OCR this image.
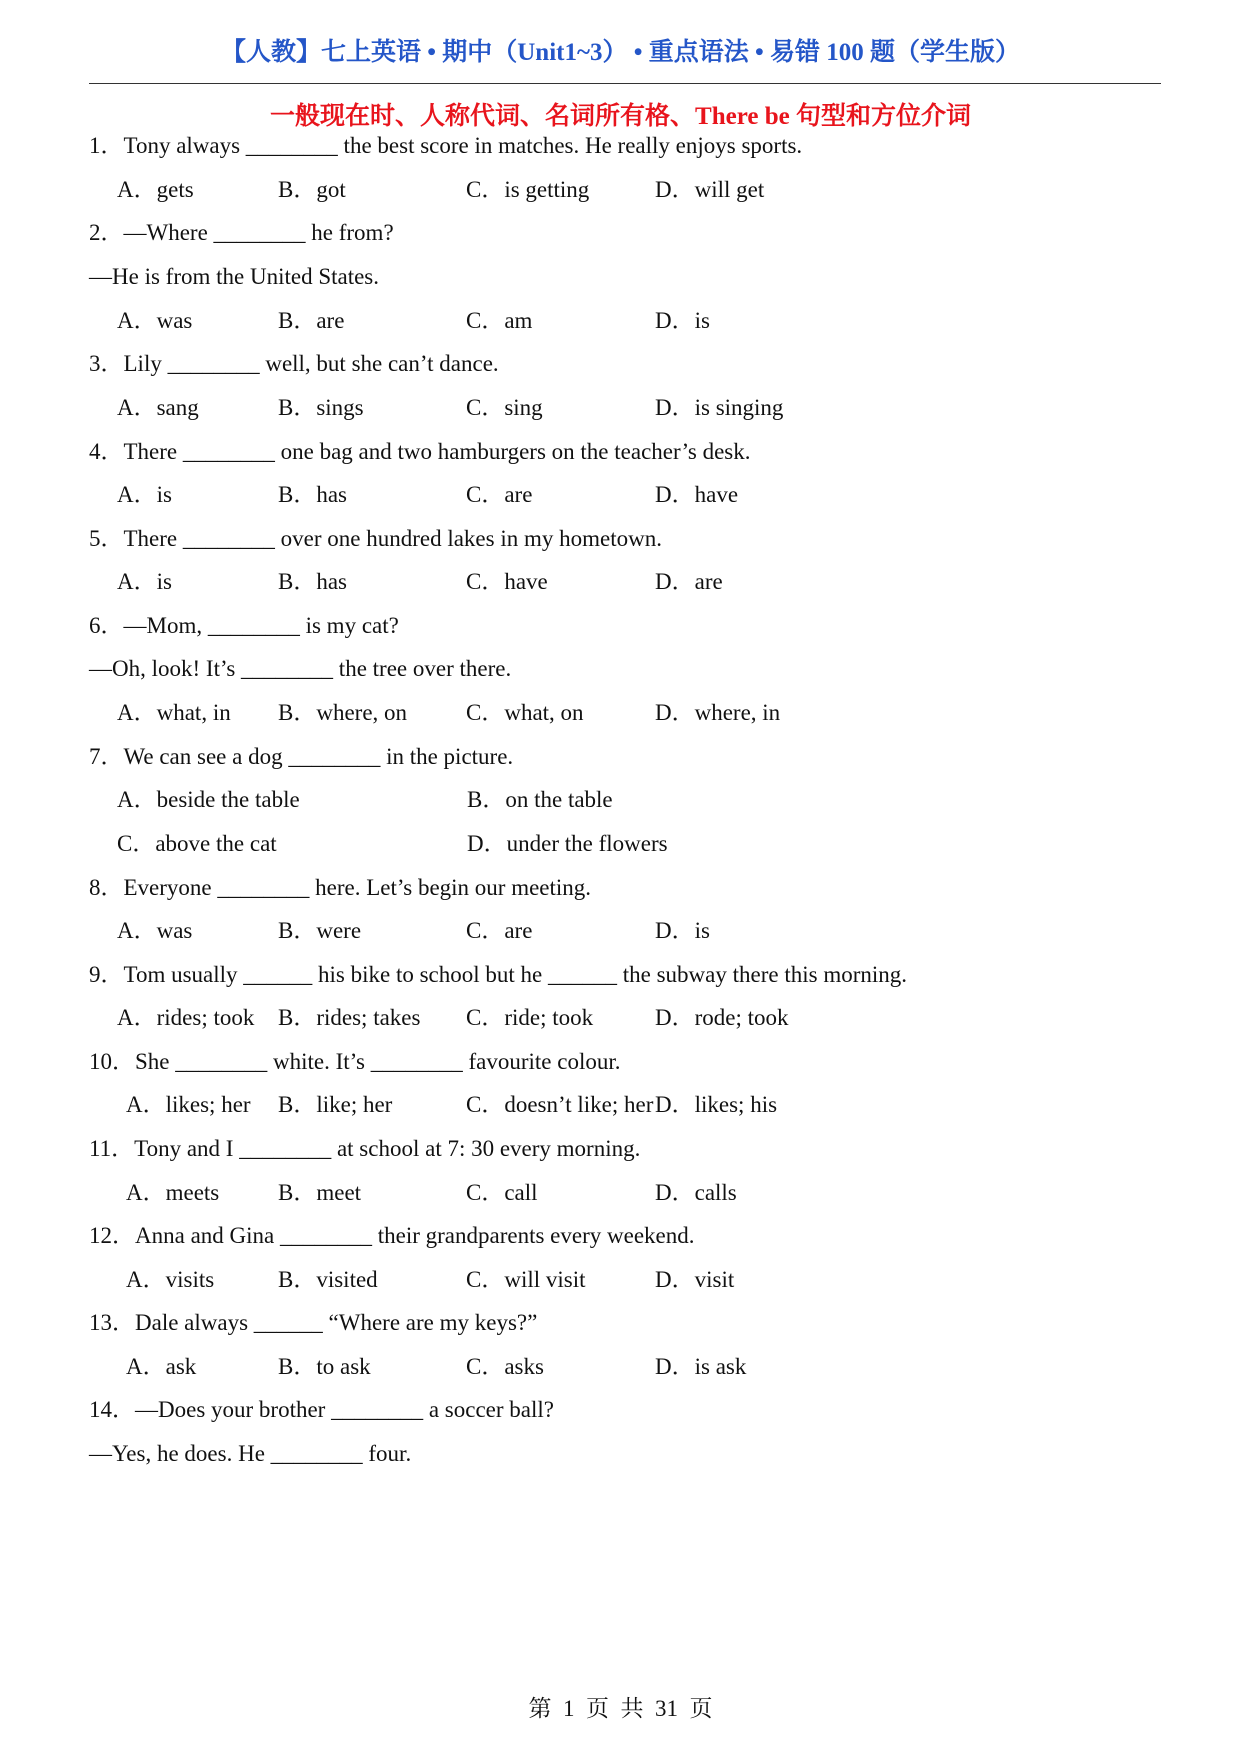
【人教】七上英语 • 期中（Unit1~3） • 重点语法 • 易错 100 题（学生版）
一般现在时、人称代词、名词所有格、There be 句型和方位介词
1．Tony always ________ the best score in matches. He really enjoys sports.
A．gets	B．got	C．is getting	D．will get
2．—Where ________ he from?
—He is from the United States.
A．was	B．are	C．am	D．is
3．Lily ________ well, but she can’t dance.
A．sang	B．sings	C．sing	D．is singing
4．There ________ one bag and two hamburgers on the teacher’s desk.
A．is	B．has	C．are	D．have
5．There ________ over one hundred lakes in my hometown.
A．is	B．has	C．have	D．are
6．—Mom, ________ is my cat?
—Oh, look! It’s ________ the tree over there.
A．what, in B．where, on	C．what, on	D．where, in
7．We can see a dog ________ in the picture.
A．beside the table	B．on the table
C．above the cat	D．under the flowers
8．Everyone ________ here. Let’s begin our meeting.
A．was	B．were	C．are	D．is
9．Tom usually ______ his bike to school but he ______ the subway there this morning.
A．rides; took B．rides; takes C．ride; took	D．rode; took
10．She ________ white. It’s ________ favourite colour.
A．likes; her B．like; her	C．doesn’t like; her D．likes; his
11．Tony and I ________ at school at 7: 30 every morning.
A．meets	B．meet	C．call	D．calls
12．Anna and Gina ________ their grandparents every weekend.
A．visits	B．visited	C．will visit	D．visit
13．Dale always ______ “Where are my keys?”
A．ask	B．to ask	C．asks	D．is ask
14．—Does your brother ________ a soccer ball?
—Yes, he does. He ________ four.
第  1  页  共  31  页
